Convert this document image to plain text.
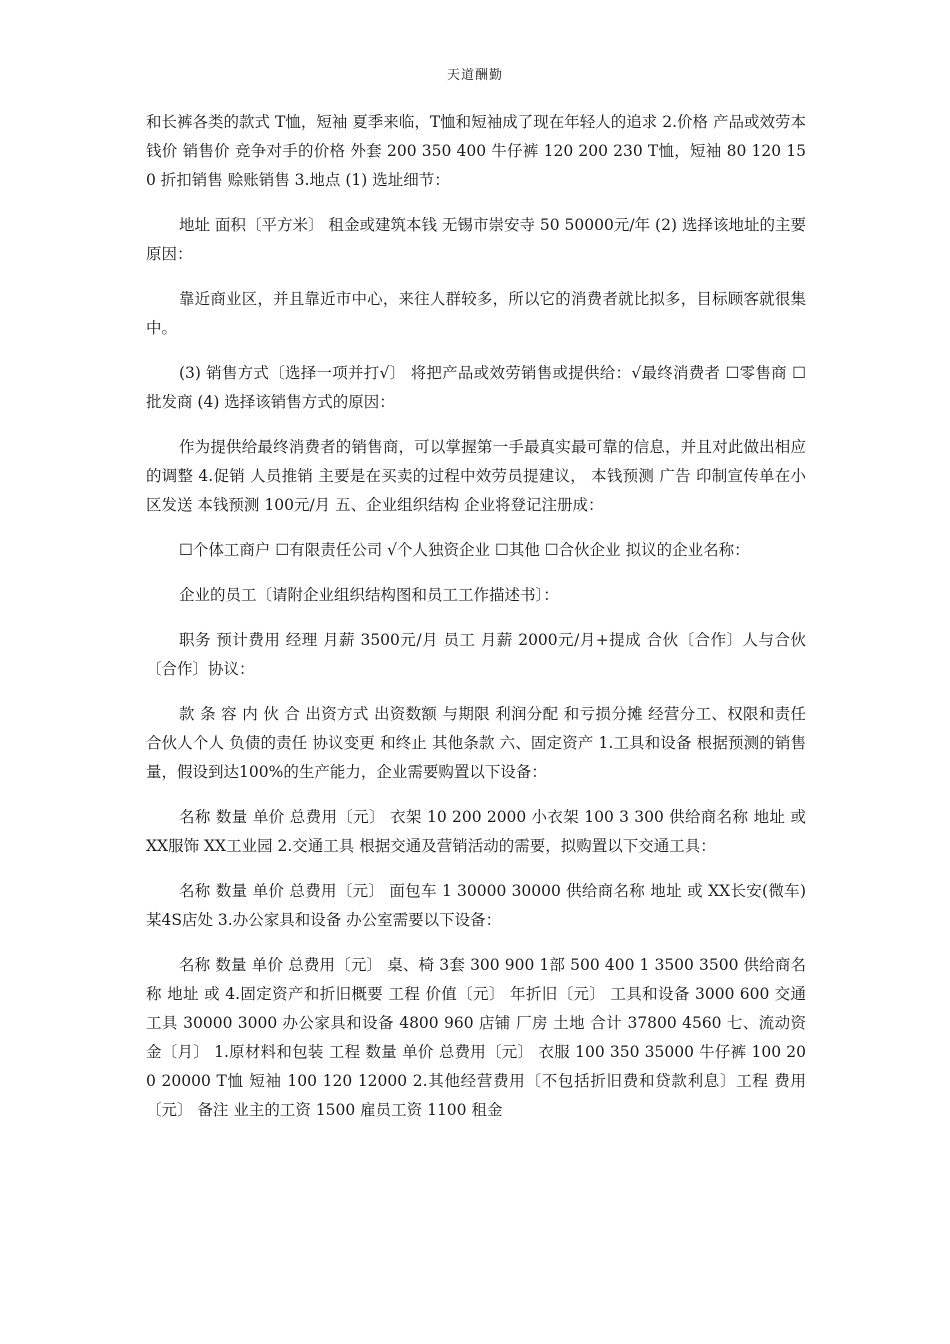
天道酬勤

和长裤各类的款式 T恤，短袖 夏季来临，T恤和短袖成了现在年轻人的追求 2.价格 产品或效劳本钱价 销售价 竞争对手的价格 外套 200 350 400 牛仔裤 120 200 230 T恤，短袖 80 120 150 折扣销售 赊账销售 3.地点 (1) 选址细节：

地址 面积〔平方米〕 租金或建筑本钱 无锡市崇安寺 50 50000元/年 (2) 选择该地址的主要原因：

靠近商业区，并且靠近市中心，来往人群较多，所以它的消费者就比拟多，目标顾客就很集中。

(3) 销售方式〔选择一项并打√〕 将把产品或效劳销售或提供给：√最终消费者 ☐零售商 ☐批发商 (4) 选择该销售方式的原因：

作为提供给最终消费者的销售商，可以掌握第一手最真实最可靠的信息，并且对此做出相应的调整 4.促销 人员推销 主要是在买卖的过程中效劳员提建议， 本钱预测 广告 印制宣传单在小区发送 本钱预测 100元/月 五、企业组织结构 企业将登记注册成：

☐个体工商户 ☐有限责任公司 √个人独资企业 ☐其他 ☐合伙企业 拟议的企业名称：

企业的员工〔请附企业组织结构图和员工工作描述书〕：

职务 预计费用 经理 月薪 3500元/月 员工 月薪 2000元/月+提成 合伙〔合作〕人与合伙〔合作〕协议：

款 条 容 内 伙 合 出资方式 出资数额 与期限 利润分配 和亏损分摊 经营分工、权限和责任 合伙人个人 负债的责任 协议变更 和终止 其他条款 六、固定资产 1.工具和设备 根据预测的销售量，假设到达100%的生产能力，企业需要购置以下设备：

名称 数量 单价 总费用〔元〕 衣架 10 200 2000 小衣架 100 3 300 供给商名称 地址 或 XX服饰 XX工业园 2.交通工具 根据交通及营销活动的需要，拟购置以下交通工具：

名称 数量 单价 总费用〔元〕 面包车 1 30000 30000 供给商名称 地址 或 XX长安(微车)某4S店处 3.办公家具和设备 办公室需要以下设备：

名称 数量 单价 总费用〔元〕 桌、椅 3套 300 900 1部 500 400 1 3500 3500 供给商名称 地址 或 4.固定资产和折旧概要 工程 价值〔元〕 年折旧〔元〕 工具和设备 3000 600 交通工具 30000 3000 办公家具和设备 4800 960 店铺 厂房 土地 合计 37800 4560 七、流动资金〔月〕 1.原材料和包装 工程 数量 单价 总费用〔元〕 衣服 100 350 35000 牛仔裤 100 200 20000 T恤 短袖 100 120 12000 2.其他经营费用〔不包括折旧费和贷款利息〕工程 费用〔元〕 备注 业主的工资 1500 雇员工资 1100 租金
